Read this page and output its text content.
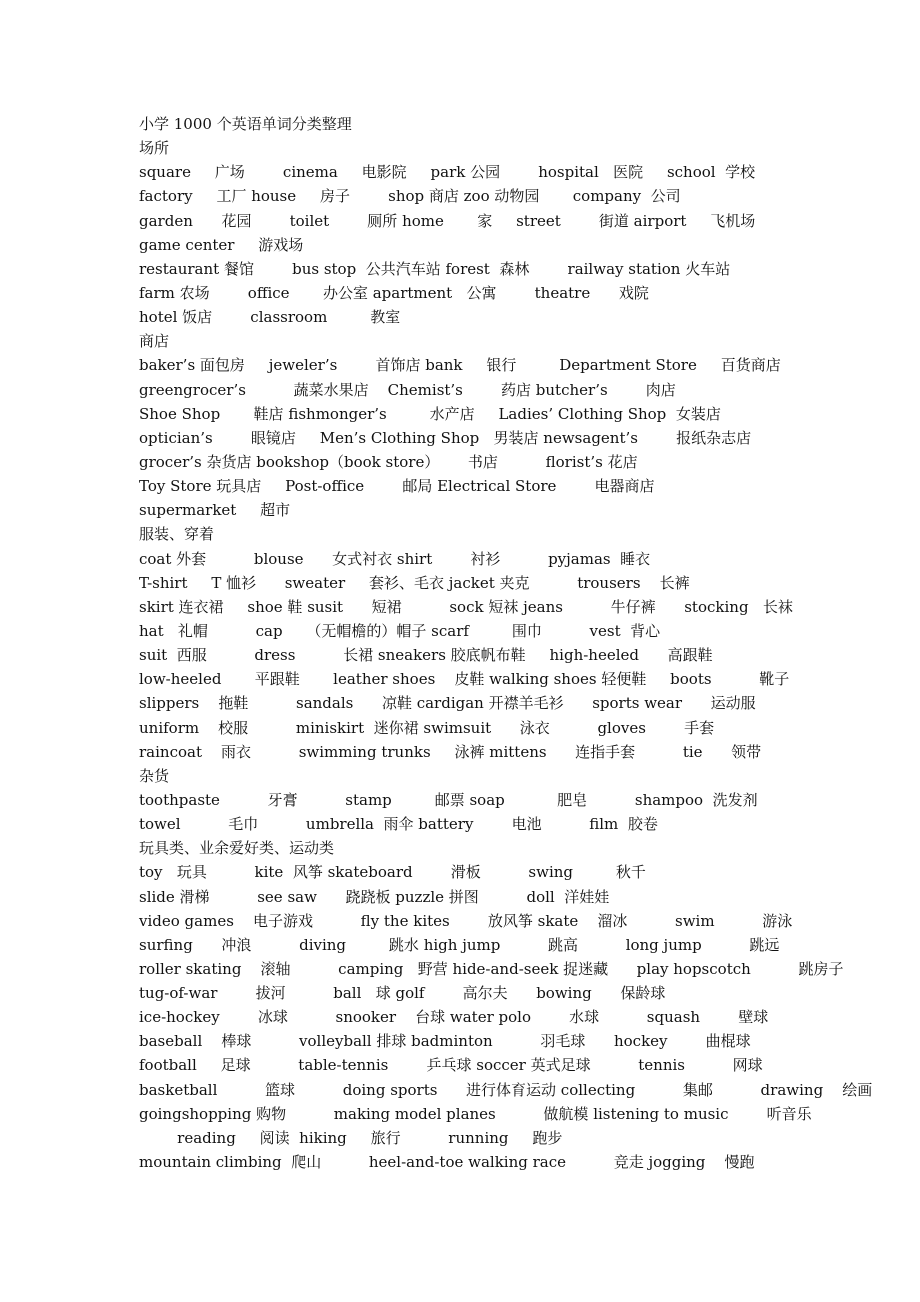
小学 1000 个英语单词分类整理
场所
square     广场        cinema     电影院     park 公园        hospital   医院     school  学校
factory     工厂 house     房子        shop 商店 zoo 动物园       company  公司
garden      花园        toilet        厕所 home       家     street        街道 airport     飞机场
game center     游戏场
restaurant 餐馆        bus stop  公共汽车站 forest  森林        railway station 火车站
farm 农场        office       办公室 apartment   公寓        theatre      戏院
hotel 饭店        classroom         教室
商店
baker’s 面包房     jeweler’s        首饰店 bank     银行         Department Store     百货商店
greengrocer’s          蔬菜水果店    Chemist’s        药店 butcher’s        肉店
Shoe Shop       鞋店 fishmonger’s         水产店     Ladies’ Clothing Shop  女装店
optician’s        眼镜店     Men’s Clothing Shop   男装店 newsagent’s        报纸杂志店
grocer’s 杂货店 bookshop（book store）      书店          florist’s 花店
Toy Store 玩具店     Post-office        邮局 Electrical Store        电器商店
supermarket     超市
服装、穿着
coat 外套          blouse      女式衬衣 shirt        衬衫          pyjamas  睡衣
T-shirt     T 恤衫      sweater     套衫、毛衣 jacket 夹克          trousers    长裤
skirt 连衣裙     shoe 鞋 susit      短裙          sock 短袜 jeans          牛仔裤      stocking   长袜
hat   礼帽          cap     （无帽檐的）帽子 scarf         围巾          vest  背心
suit  西服          dress          长裙 sneakers 胶底帆布鞋     high-heeled      高跟鞋
low-heeled       平跟鞋       leather shoes    皮鞋 walking shoes 轻便鞋     boots          靴子
slippers    拖鞋          sandals      凉鞋 cardigan 开襟羊毛衫      sports wear      运动服
uniform    校服          miniskirt  迷你裙 swimsuit      泳衣          gloves        手套
raincoat    雨衣          swimming trunks     泳裤 mittens      连指手套          tie      领带
杂货
toothpaste          牙膏          stamp         邮票 soap           肥皂          shampoo  洗发剂
towel          毛巾          umbrella  雨伞 battery        电池          film  胶卷
玩具类、业余爱好类、运动类
toy   玩具          kite  风筝 skateboard        滑板          swing         秋千
slide 滑梯          see saw      跷跷板 puzzle 拼图          doll  洋娃娃
video games    电子游戏          fly the kites        放风筝 skate    溜冰          swim          游泳
surfing      冲浪          diving         跳水 high jump          跳高          long jump          跳远
roller skating    滚轴          camping   野营 hide-and-seek 捉迷藏      play hopscotch          跳房子
tug-of-war        拔河          ball   球 golf        高尔夫      bowing      保龄球
ice-hockey        冰球          snooker    台球 water polo        水球          squash        壁球
baseball    棒球          volleyball 排球 badminton          羽毛球      hockey        曲棍球
football     足球          table-tennis        乒乓球 soccer 英式足球          tennis          网球
basketball          篮球          doing sports      进行体育运动 collecting          集邮          drawing    绘画
goingshopping 购物          making model planes          做航模 listening to music        听音乐
reading     阅读  hiking     旅行          running     跑步
mountain climbing  爬山          heel-and-toe walking race          竞走 jogging    慢跑
